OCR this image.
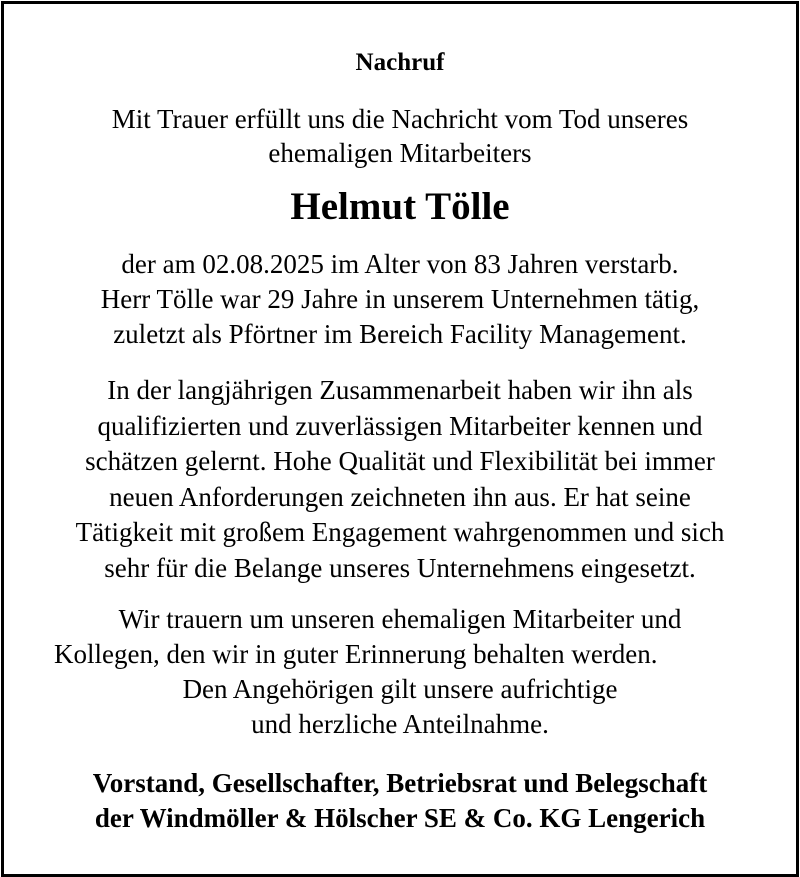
Nachruf
Mit Trauer erfüllt uns die Nachricht vom Tod unseres
ehemaligen Mitarbeiters
Helmut Tölle
der am 02.08.2025 im Alter von 83 Jahren verstarb.
Herr Tölle war 29 Jahre in unserem Unternehmen tätig,
zuletzt als Pförtner im Bereich Facility Management.
In der langjährigen Zusammenarbeit haben wir ihn als
qualifizierten und zuverlässigen Mitarbeiter kennen und
schätzen gelernt. Hohe Qualität und Flexibilität bei immer
neuen Anforderungen zeichneten ihn aus. Er hat seine
Tätigkeit mit großem Engagement wahrgenommen und sich
sehr für die Belange unseres Unternehmens eingesetzt.
Wir trauern um unseren ehemaligen Mitarbeiter und
Kollegen, den wir in guter Erinnerung behalten werden.
Den Angehörigen gilt unsere aufrichtige
und herzliche Anteilnahme.
Vorstand, Gesellschafter, Betriebsrat und Belegschaft
der Windmöller & Hölscher SE & Co. KG Lengerich
